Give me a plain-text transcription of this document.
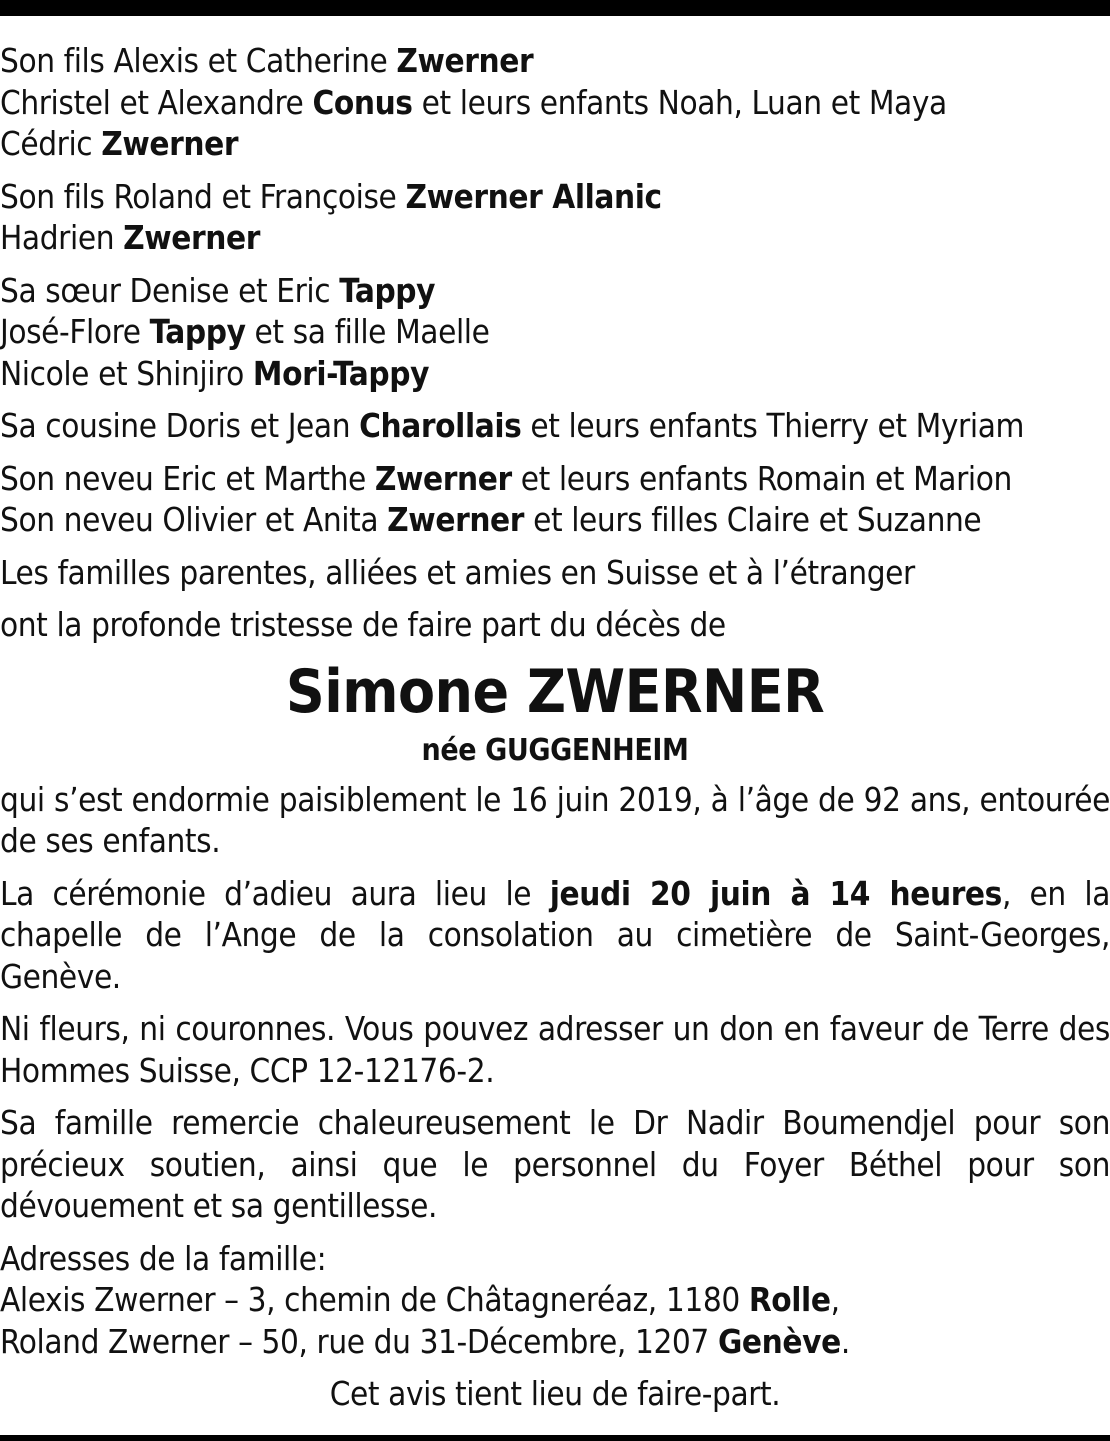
Son fils Alexis et Catherine Zwerner
Christel et Alexandre Conus et leurs enfants Noah, Luan et Maya
Cédric Zwerner
Son fils Roland et Françoise Zwerner Allanic
Hadrien Zwerner
Sa sœur Denise et Eric Tappy
José-Flore Tappy et sa fille Maelle
Nicole et Shinjiro Mori-Tappy
Sa cousine Doris et Jean Charollais et leurs enfants Thierry et Myriam
Son neveu Eric et Marthe Zwerner et leurs enfants Romain et Marion
Son neveu Olivier et Anita Zwerner et leurs filles Claire et Suzanne
Les familles parentes, alliées et amies en Suisse et à l’étranger
ont la profonde tristesse de faire part du décès de
Simone ZWERNER
née GUGGENHEIM
qui s’est endormie paisiblement le 16 juin 2019, à l’âge de 92 ans, entourée de ses enfants.
La cérémonie d’adieu aura lieu le jeudi 20 juin à 14 heures, en la chapelle de l’Ange de la consolation au cimetière de Saint-Georges, Genève.
Ni fleurs, ni couronnes. Vous pouvez adresser un don en faveur de Terre des Hommes Suisse, CCP 12-12176-2.
Sa famille remercie chaleureusement le Dr Nadir Boumendjel pour son précieux soutien, ainsi que le personnel du Foyer Béthel pour son dévouement et sa gentillesse.
Adresses de la famille:
Alexis Zwerner – 3, chemin de Châtagneréaz, 1180 Rolle,
Roland Zwerner – 50, rue du 31-Décembre, 1207 Genève.
Cet avis tient lieu de faire-part.
